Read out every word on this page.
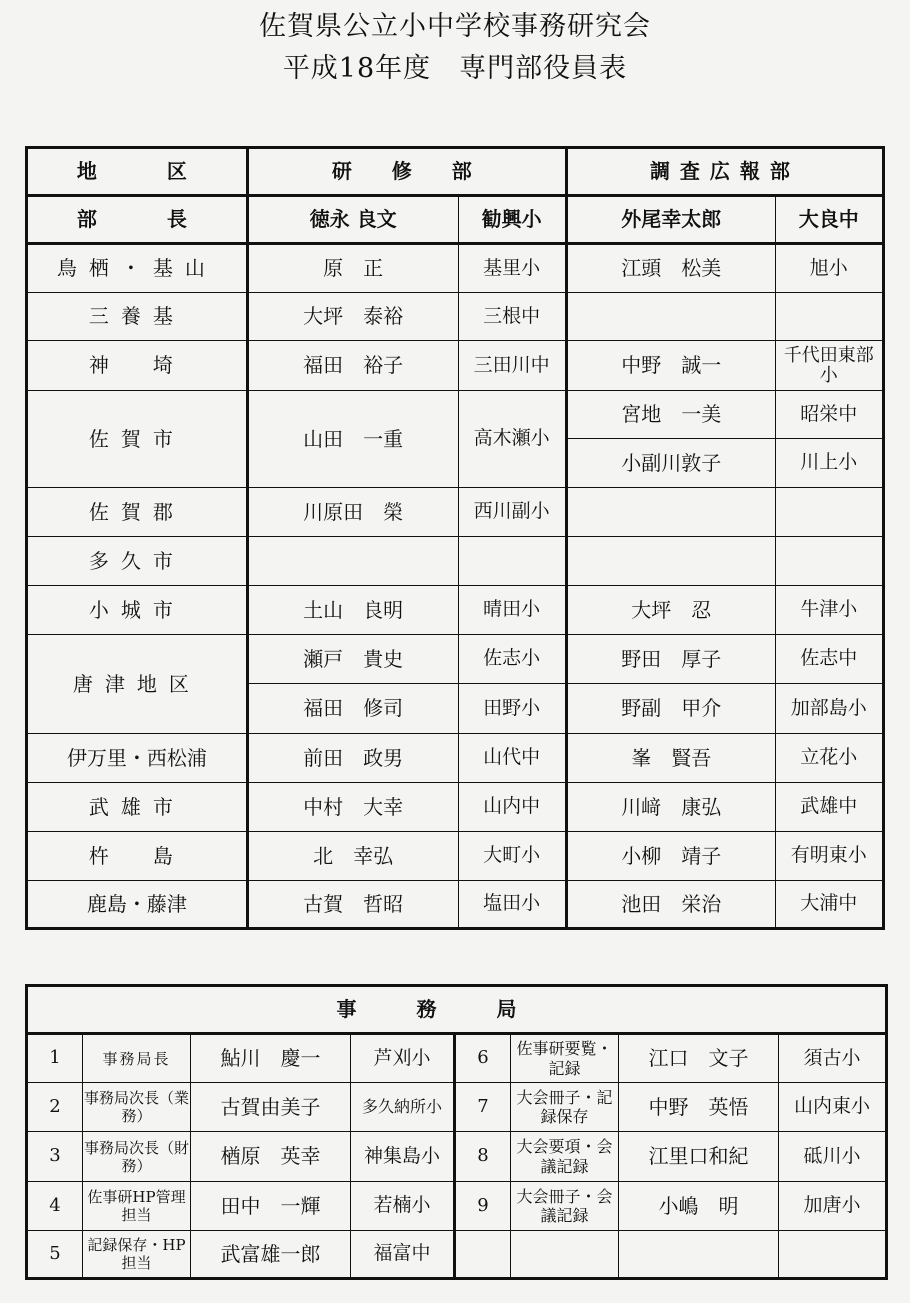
佐賀県公立小中学校事務研究会
平成18年度　専門部役員表
地　　区	研　修　部		調査広報部	
部　　長	徳永 良文	勧興小	外尾幸太郎	大良中
鳥栖・基山	原　正	基里小	江頭　松美	旭小
三養基	大坪　泰裕	三根中		
神　埼	福田　裕子	三田川中	中野　誠一	千代田東部小
佐賀市	山田　一重	高木瀬小	宮地　一美	昭栄中
			小副川敦子	川上小
佐賀郡	川原田　榮	西川副小		
多久市				
小城市	土山　良明	晴田小	大坪　忍	牛津小
唐津地区	瀬戸　貴史	佐志小	野田　厚子	佐志中
	福田　修司	田野小	野副　甲介	加部島小
伊万里・西松浦	前田　政男	山代中	峯　賢吾	立花小
武雄市	中村　大幸	山内中	川﨑　康弘	武雄中
杵　島	北　幸弘	大町小	小柳　靖子	有明東小
鹿島・藤津	古賀　哲昭	塩田小	池田　栄治	大浦中
事務局							
1	事務局長	鮎川　慶一	芦刈小	6	佐事研要覧・記録	江口　文子	須古小
2	事務局次長（業務）	古賀由美子	多久納所小	7	大会冊子・記録保存	中野　英悟	山内東小
3	事務局次長（財務）	楢原　英幸	神集島小	8	大会要項・会議記録	江里口和紀	砥川小
4	佐事研HP管理担当	田中　一輝	若楠小	9	大会冊子・会議記録	小嶋　明	加唐小
5	記録保存・HP担当	武富雄一郎	福富中				
